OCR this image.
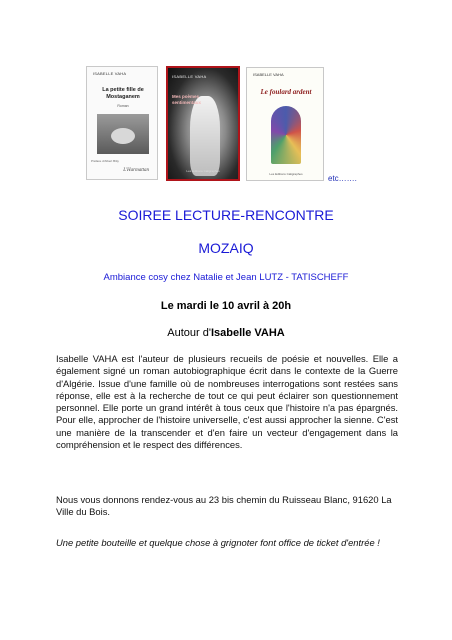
ISABELLE VAHA
La petite fille de Mostaganem
Roman
Préface d'Albert Bitty
L'Harmattan
ISABELLE VAHA
Mes poèmes sentimentaux
Les Editions Caligraphes
ISABELLE VAHA
Le foulard ardent
Les Editions Caligraphes	etc…….
SOIREE LECTURE-RENCONTRE
MOZAIQ
Ambiance cosy chez Natalie et Jean LUTZ - TATISCHEFF
Le mardi le 10 avril à 20h
Autour d'Isabelle VAHA
Isabelle VAHA est l'auteur de plusieurs recueils de poésie et nouvelles. Elle a également signé un roman autobiographique écrit dans le contexte de la Guerre d'Algérie. Issue d'une famille où de nombreuses interrogations sont restées sans réponse, elle est à la recherche de tout ce qui peut éclairer son questionnement personnel. Elle porte un grand intérêt à tous ceux que l'histoire n'a pas épargnés. Pour elle, approcher de l'histoire universelle, c'est aussi approcher la sienne. C'est une manière de la transcender et d'en faire un vecteur d'engagement dans la compréhension et le respect des différences.
Nous vous donnons rendez-vous au 23 bis chemin du Ruisseau Blanc, 91620 La Ville du Bois.
Une petite bouteille et quelque chose à grignoter font office de ticket d'entrée !
